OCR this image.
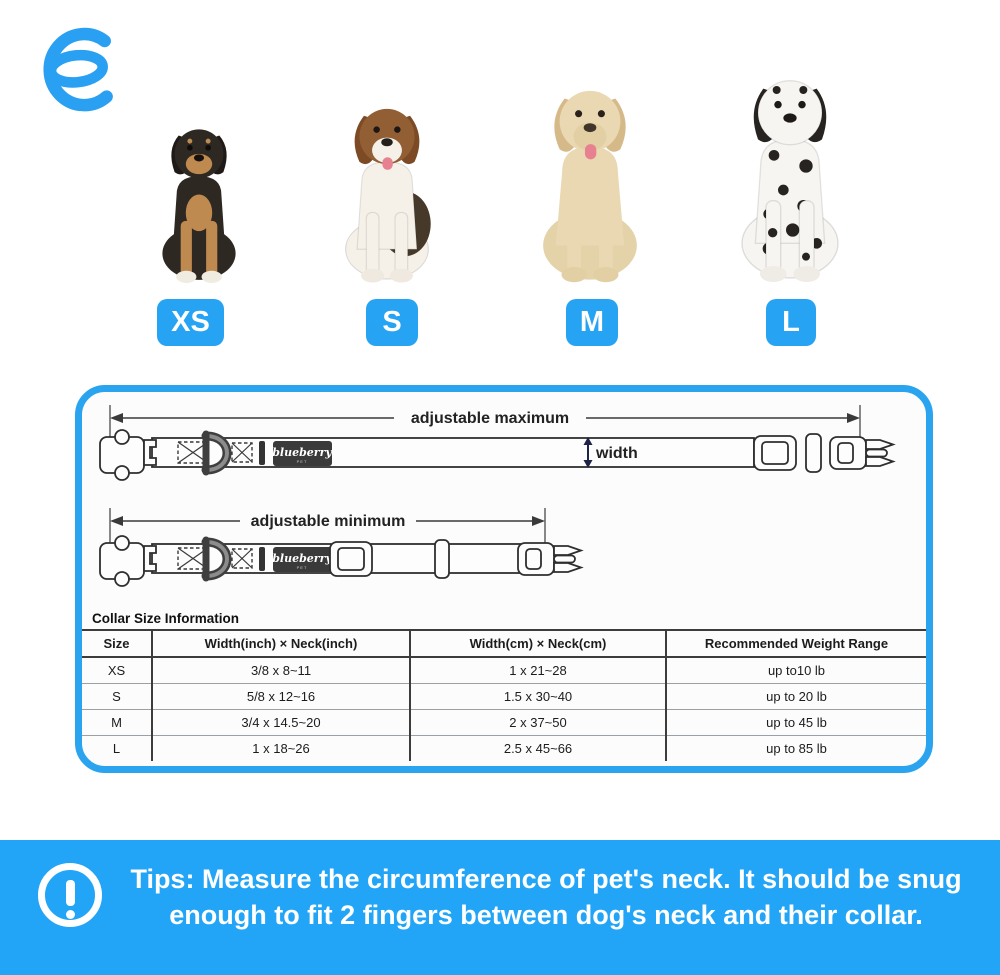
XS	S	M	L
adjustable maximum
width
adjustable minimum
Collar Size Information
Size	Width(inch) × Neck(inch)	Width(cm) × Neck(cm)	Recommended Weight Range
XS	3/8 x 8~11	1 x 21~28	up to10 lb
S	5/8 x 12~16	1.5 x 30~40	up to 20 lb
M	3/4 x 14.5~20	2 x 37~50	up to 45 lb
L	1 x 18~26	2.5 x 45~66	up to 85 lb
Tips: Measure the circumference of pet's neck. It should be snug
enough to fit 2 fingers between dog's neck and their collar.
